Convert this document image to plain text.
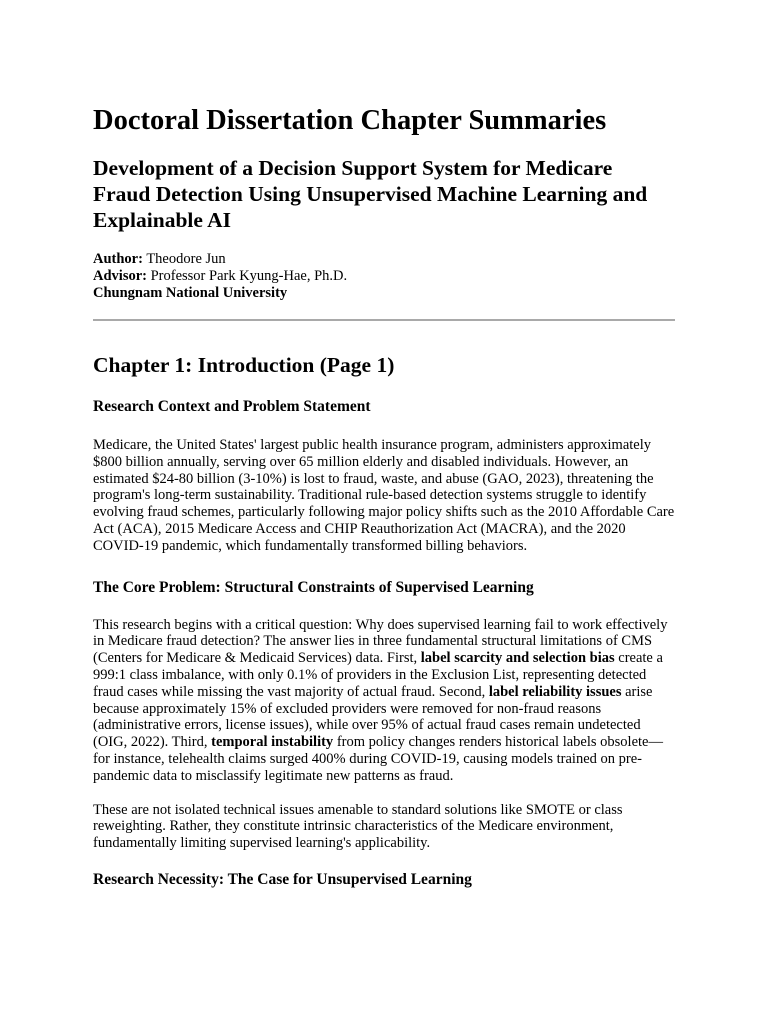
Doctoral Dissertation Chapter Summaries
Development of a Decision Support System for Medicare Fraud Detection Using Unsupervised Machine Learning and Explainable AI
Author: Theodore Jun
Advisor: Professor Park Kyung-Hae, Ph.D.
Chungnam National University
Chapter 1: Introduction (Page 1)
Research Context and Problem Statement

Medicare, the United States' largest public health insurance program, administers approximately $800 billion annually, serving over 65 million elderly and disabled individuals. However, an estimated $24-80 billion (3-10%) is lost to fraud, waste, and abuse (GAO, 2023), threatening the program's long-term sustainability. Traditional rule-based detection systems struggle to identify evolving fraud schemes, particularly following major policy shifts such as the 2010 Affordable Care Act (ACA), 2015 Medicare Access and CHIP Reauthorization Act (MACRA), and the 2020 COVID-19 pandemic, which fundamentally transformed billing behaviors.

The Core Problem: Structural Constraints of Supervised Learning

This research begins with a critical question: Why does supervised learning fail to work effectively in Medicare fraud detection? The answer lies in three fundamental structural limitations of CMS (Centers for Medicare & Medicaid Services) data. First, label scarcity and selection bias create a 999:1 class imbalance, with only 0.1% of providers in the Exclusion List, representing detected fraud cases while missing the vast majority of actual fraud. Second, label reliability issues arise because approximately 15% of excluded providers were removed for non-fraud reasons (administrative errors, license issues), while over 95% of actual fraud cases remain undetected (OIG, 2022). Third, temporal instability from policy changes renders historical labels obsolete—for instance, telehealth claims surged 400% during COVID-19, causing models trained on pre-pandemic data to misclassify legitimate new patterns as fraud.

These are not isolated technical issues amenable to standard solutions like SMOTE or class reweighting. Rather, they constitute intrinsic characteristics of the Medicare environment, fundamentally limiting supervised learning's applicability.

Research Necessity: The Case for Unsupervised Learning
